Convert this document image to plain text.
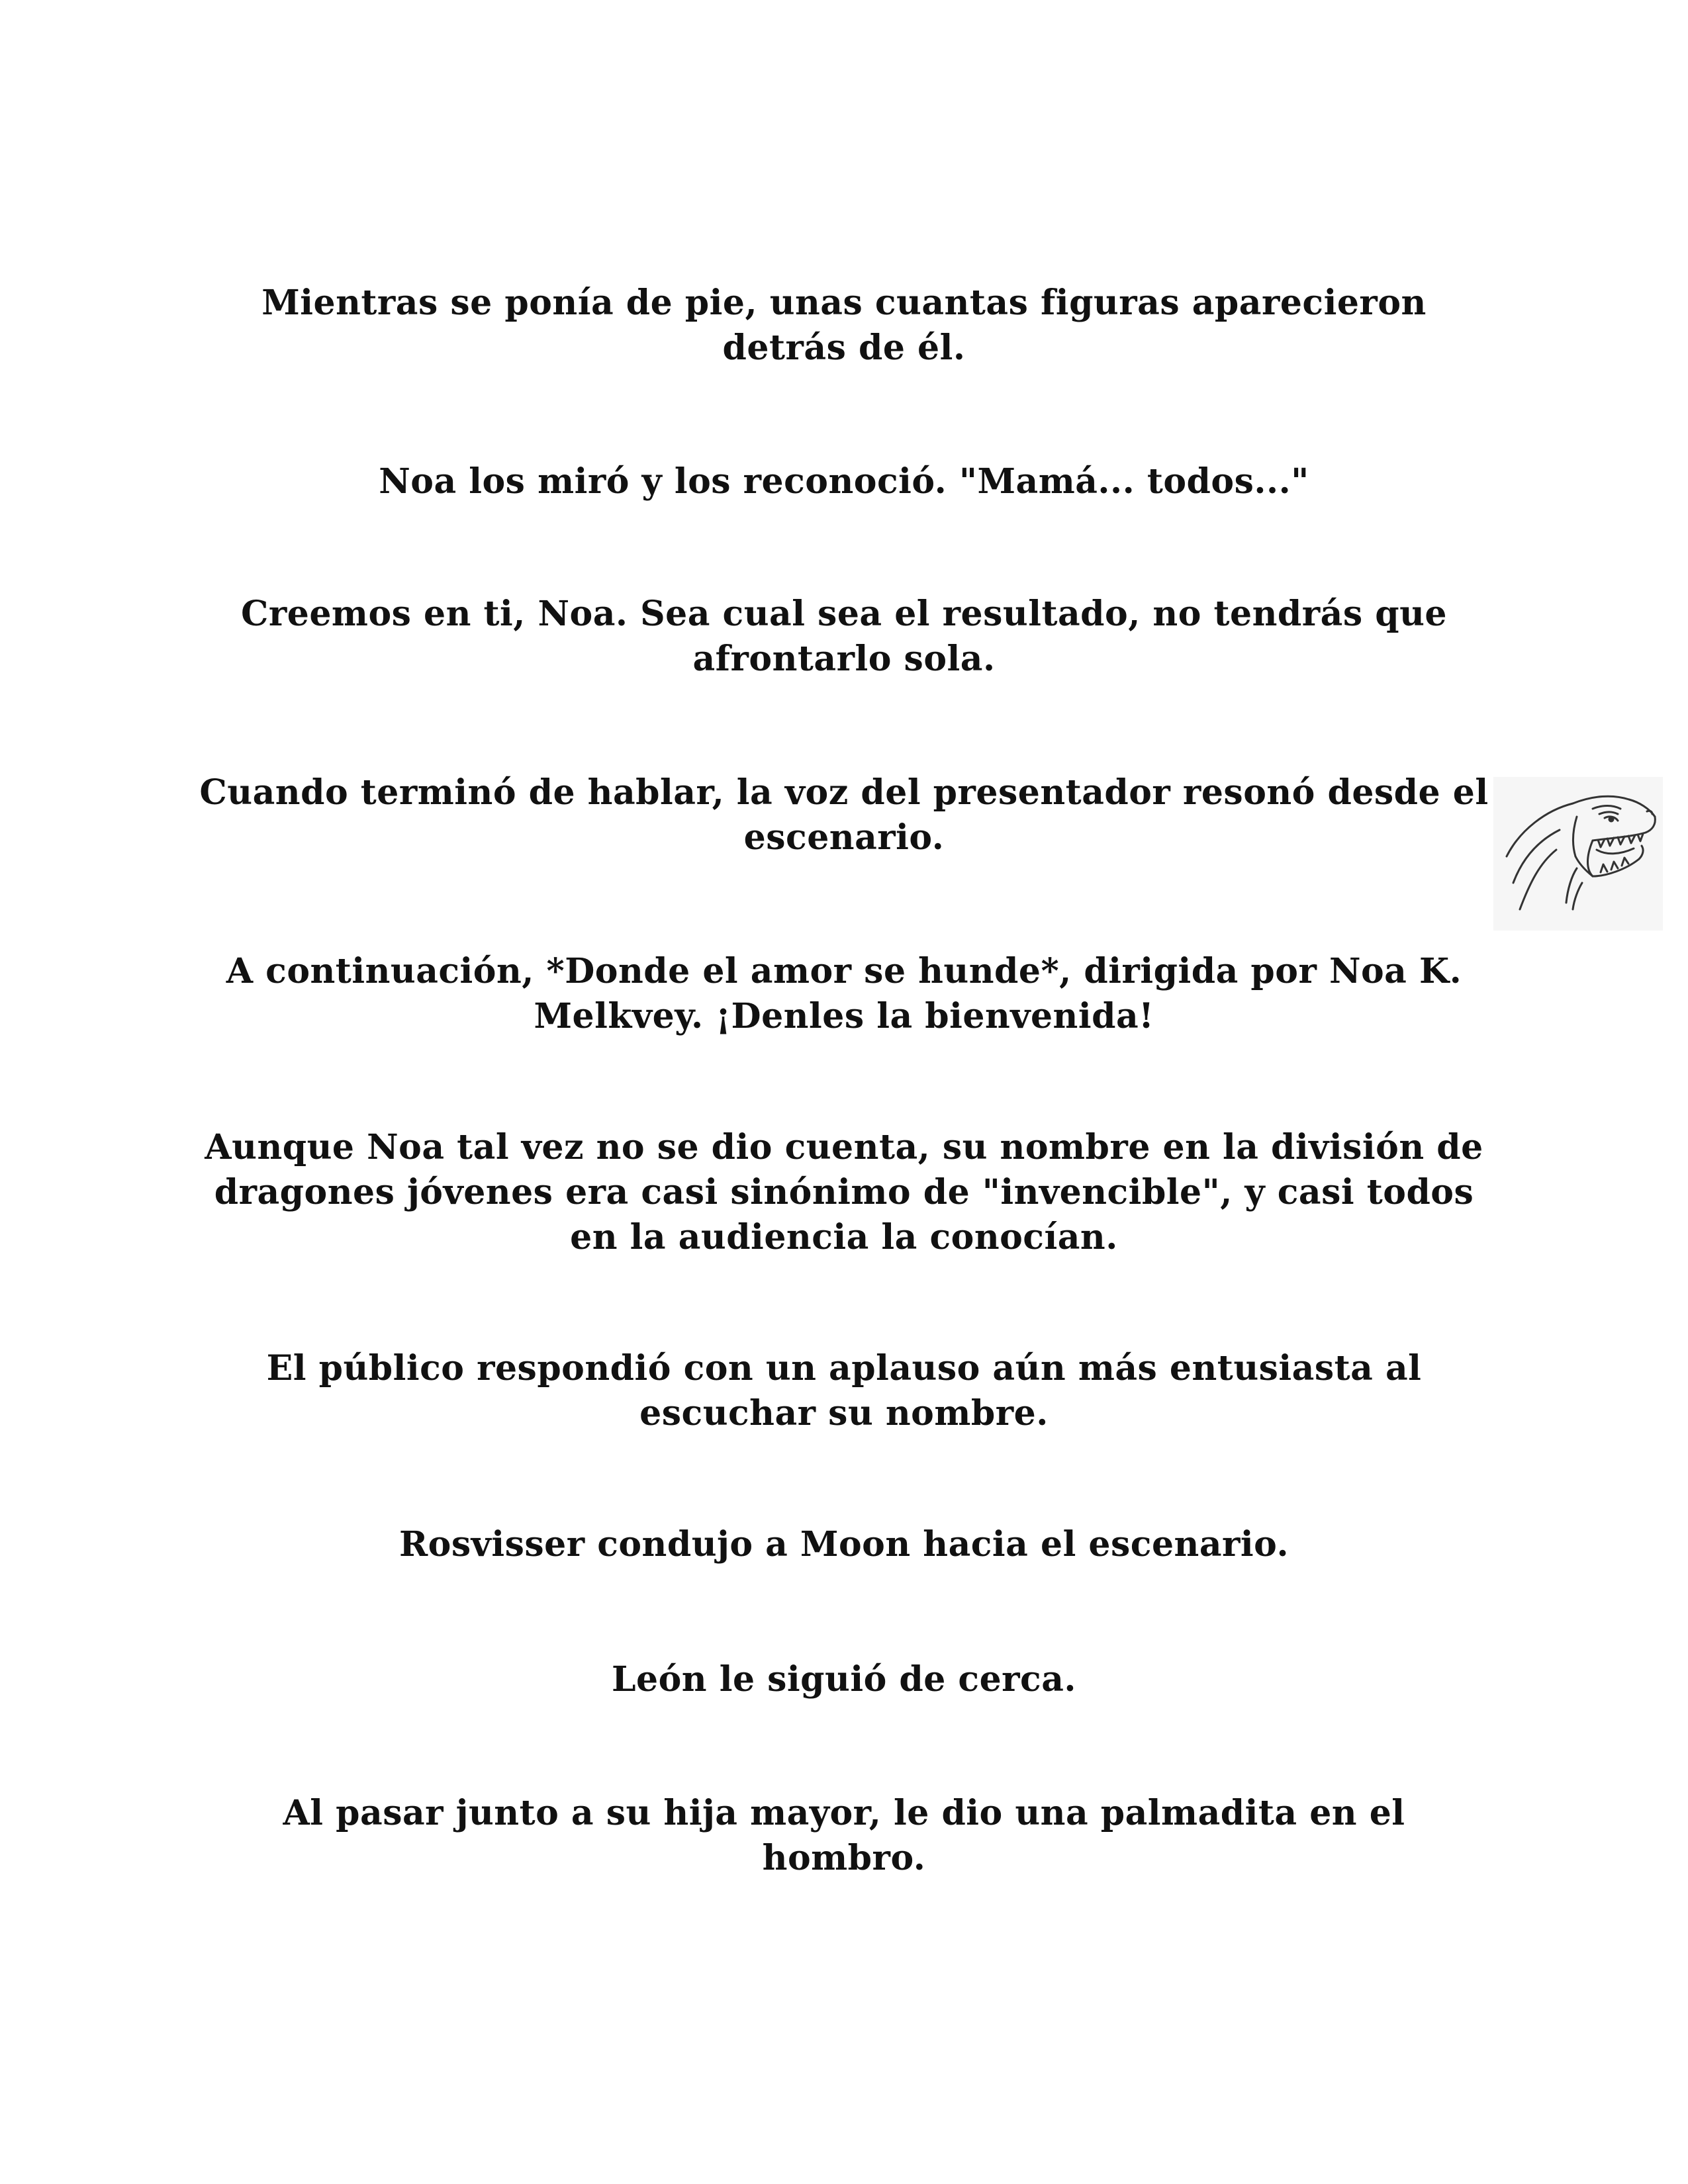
Mientras se ponía de pie, unas cuantas figuras aparecieron detrás de él.

Noa los miró y los reconoció. "Mamá... todos..."

Creemos en ti, Noa. Sea cual sea el resultado, no tendrás que afrontarlo sola.

Cuando terminó de hablar, la voz del presentador resonó desde el escenario.

A continuación, *Donde el amor se hunde*, dirigida por Noa K. Melkvey. ¡Denles la bienvenida!

Aunque Noa tal vez no se dio cuenta, su nombre en la división de dragones jóvenes era casi sinónimo de "invencible", y casi todos en la audiencia la conocían.

El público respondió con un aplauso aún más entusiasta al escuchar su nombre.

Rosvisser condujo a Moon hacia el escenario.

León le siguió de cerca.

Al pasar junto a su hija mayor, le dio una palmadita en el hombro.
